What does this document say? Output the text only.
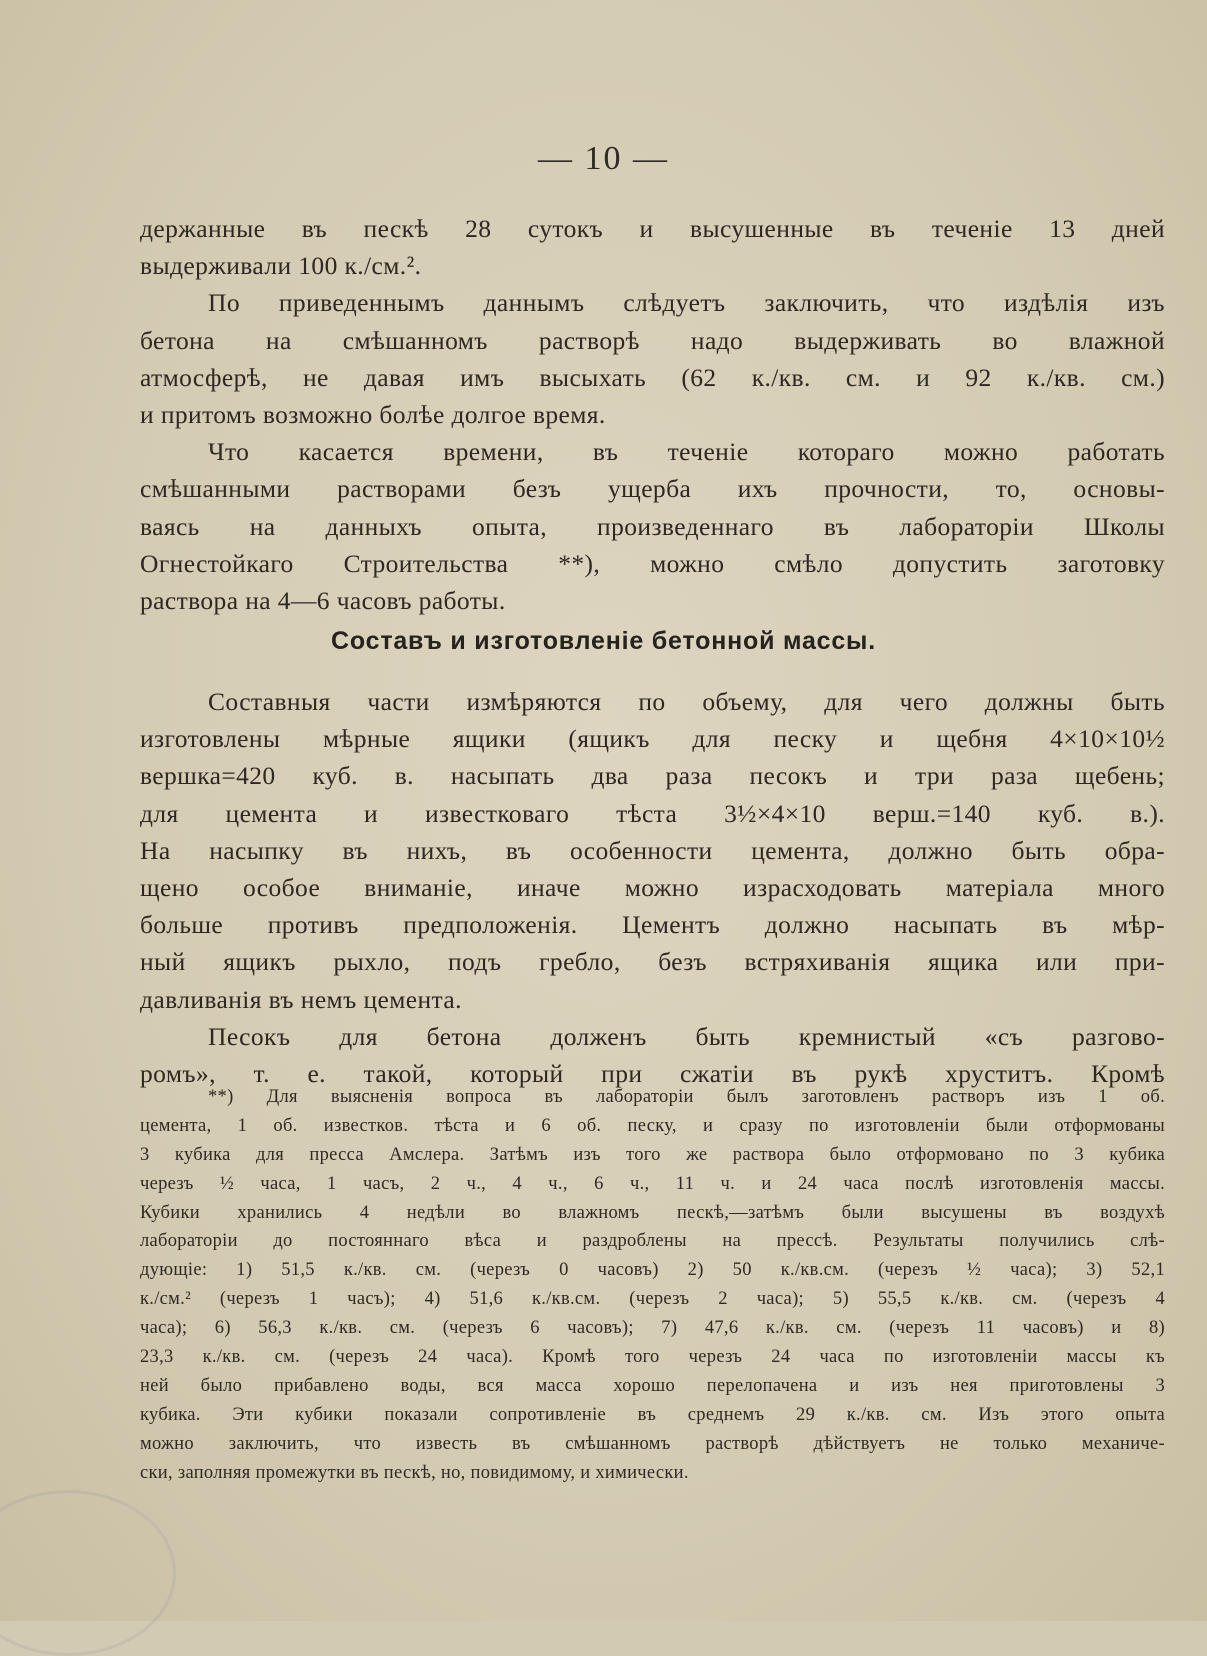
— 10 —
держанные въ пескѣ 28 сутокъ и высушенные въ теченіе 13 дней
выдерживали 100 к./см.².
По приведеннымъ даннымъ слѣдуетъ заключить, что издѣлія изъ
бетона на смѣшанномъ растворѣ надо выдерживать во влажной
атмосферѣ, не давая имъ высыхать (62 к./кв. см. и 92 к./кв. см.)
и притомъ возможно болѣе долгое время.
Что касается времени, въ теченіе котораго можно работать
смѣшанными растворами безъ ущерба ихъ прочности, то, основы-
ваясь на данныхъ опыта, произведеннаго въ лабораторіи Школы
Огнестойкаго Строительства **), можно смѣло допустить заготовку
раствора на 4—6 часовъ работы.
Составъ и изготовленіе бетонной массы.
Составныя части измѣряются по объему, для чего должны быть
изготовлены мѣрные ящики (ящикъ для песку и щебня 4×10×10½
вершка=420 куб. в. насыпать два раза песокъ и три раза щебень;
для цемента и известковаго тѣста 3½×4×10 верш.=140 куб. в.).
На насыпку въ нихъ, въ особенности цемента, должно быть обра-
щено особое вниманіе, иначе можно израсходовать матеріала много
больше противъ предположенія. Цементъ должно насыпать въ мѣр-
ный ящикъ рыхло, подъ гребло, безъ встряхиванія ящика или при-
давливанія въ немъ цемента.
Песокъ для бетона долженъ быть кремнистый «съ разгово-
ромъ», т. е. такой, который при сжатіи въ рукѣ хруститъ. Кромѣ
**) Для выясненія вопроса въ лабораторіи былъ заготовленъ растворъ изъ 1 об.
цемента, 1 об. известков. тѣста и 6 об. песку, и сразу по изготовленіи были отформованы
3 кубика для пресса Амслера. Затѣмъ изъ того же раствора было отформовано по 3 кубика
черезъ ½ часа, 1 часъ, 2 ч., 4 ч., 6 ч., 11 ч. и 24 часа послѣ изготовленія массы.
Кубики хранились 4 недѣли во влажномъ пескѣ,—затѣмъ были высушены въ воздухѣ
лабораторіи до постояннаго вѣса и раздроблены на прессѣ. Результаты получились слѣ-
дующіе: 1) 51,5 к./кв. см. (черезъ 0 часовъ) 2) 50 к./кв.см. (черезъ ½ часа); 3) 52,1
к./см.² (черезъ 1 часъ); 4) 51,6 к./кв.см. (черезъ 2 часа); 5) 55,5 к./кв. см. (черезъ 4
часа); 6) 56,3 к./кв. см. (черезъ 6 часовъ); 7) 47,6 к./кв. см. (черезъ 11 часовъ) и 8)
23,3 к./кв. см. (черезъ 24 часа). Кромѣ того черезъ 24 часа по изготовленіи массы къ
ней было прибавлено воды, вся масса хорошо перелопачена и изъ нея приготовлены 3
кубика. Эти кубики показали сопротивленіе въ среднемъ 29 к./кв. см. Изъ этого опыта
можно заключить, что известь въ смѣшанномъ растворѣ дѣйствуетъ не только механиче-
ски, заполняя промежутки въ пескѣ, но, повидимому, и химически.
